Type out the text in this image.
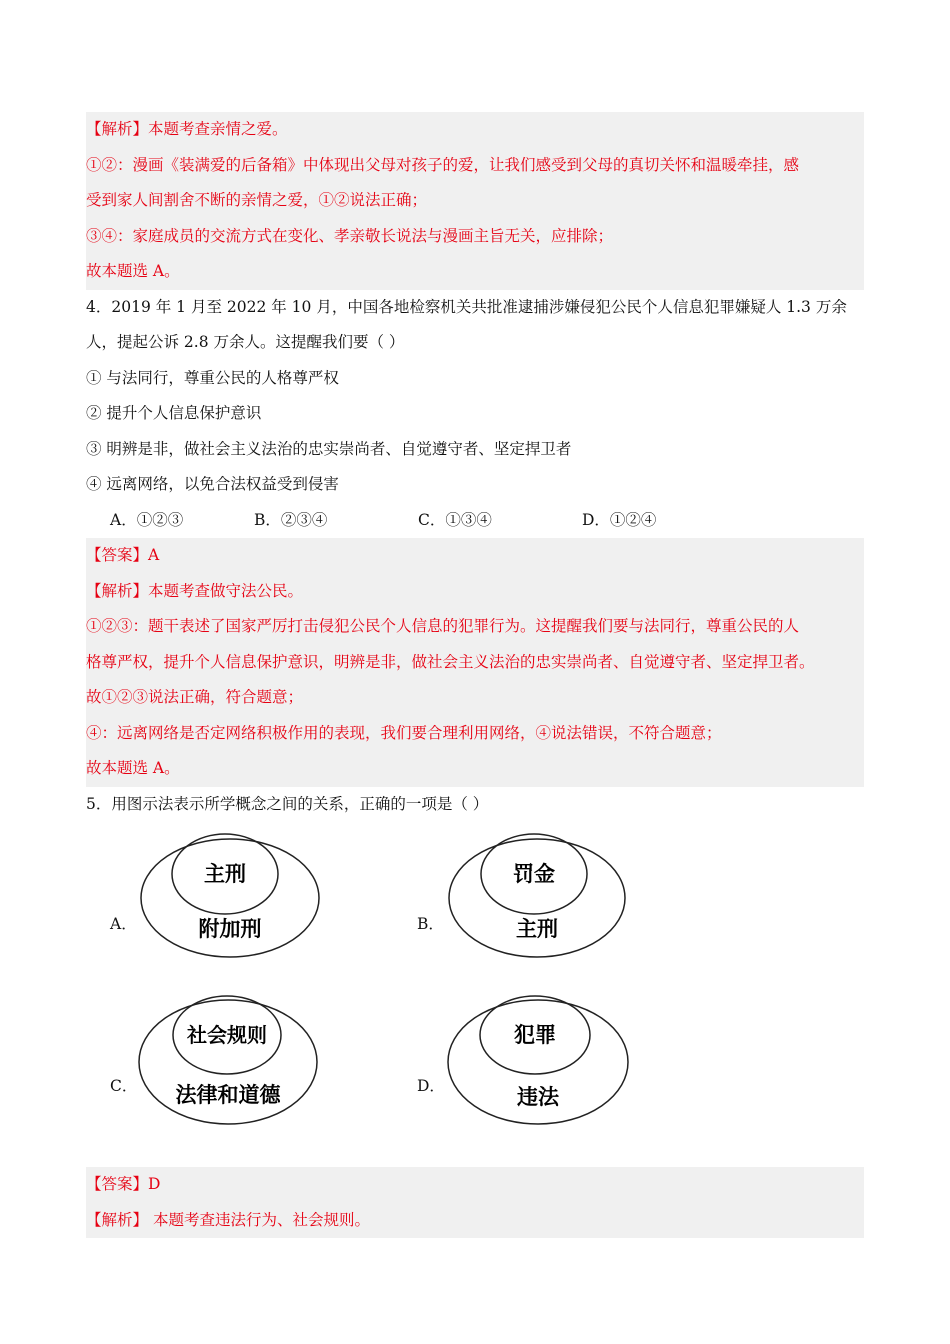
【解析】本题考查亲情之爱。
①②：漫画《装满爱的后备箱》中体现出父母对孩子的爱，让我们感受到父母的真切关怀和温暖牵挂，感
受到家人间割舍不断的亲情之爱，①②说法正确；
③④：家庭成员的交流方式在变化、孝亲敬长说法与漫画主旨无关，应排除；
故本题选 A。
4．2019 年 1 月至 2022 年 10 月，中国各地检察机关共批准逮捕涉嫌侵犯公民个人信息犯罪嫌疑人 1.3 万余
人，提起公诉 2.8 万余人。这提醒我们要（ ）
① 与法同行，尊重公民的人格尊严权
② 提升个人信息保护意识
③ 明辨是非，做社会主义法治的忠实崇尚者、自觉遵守者、坚定捍卫者
④ 远离网络，以免合法权益受到侵害
A．①②③	B．②③④	C．①③④	D．①②④
【答案】A
【解析】本题考查做守法公民。
①②③：题干表述了国家严厉打击侵犯公民个人信息的犯罪行为。这提醒我们要与法同行，尊重公民的人
格尊严权，提升个人信息保护意识，明辨是非，做社会主义法治的忠实崇尚者、自觉遵守者、坚定捍卫者。
故①②③说法正确，符合题意；
④：远离网络是否定网络积极作用的表现，我们要合理利用网络，④说法错误，不符合题意；
故本题选 A。
5．用图示法表示所学概念之间的关系，正确的一项是（ ）
A．
主刑
附加刑	B．
罚金
主刑
C．
社会规则
法律和道德	D．
犯罪
违法
【答案】D
【解析】 本题考查违法行为、社会规则。
